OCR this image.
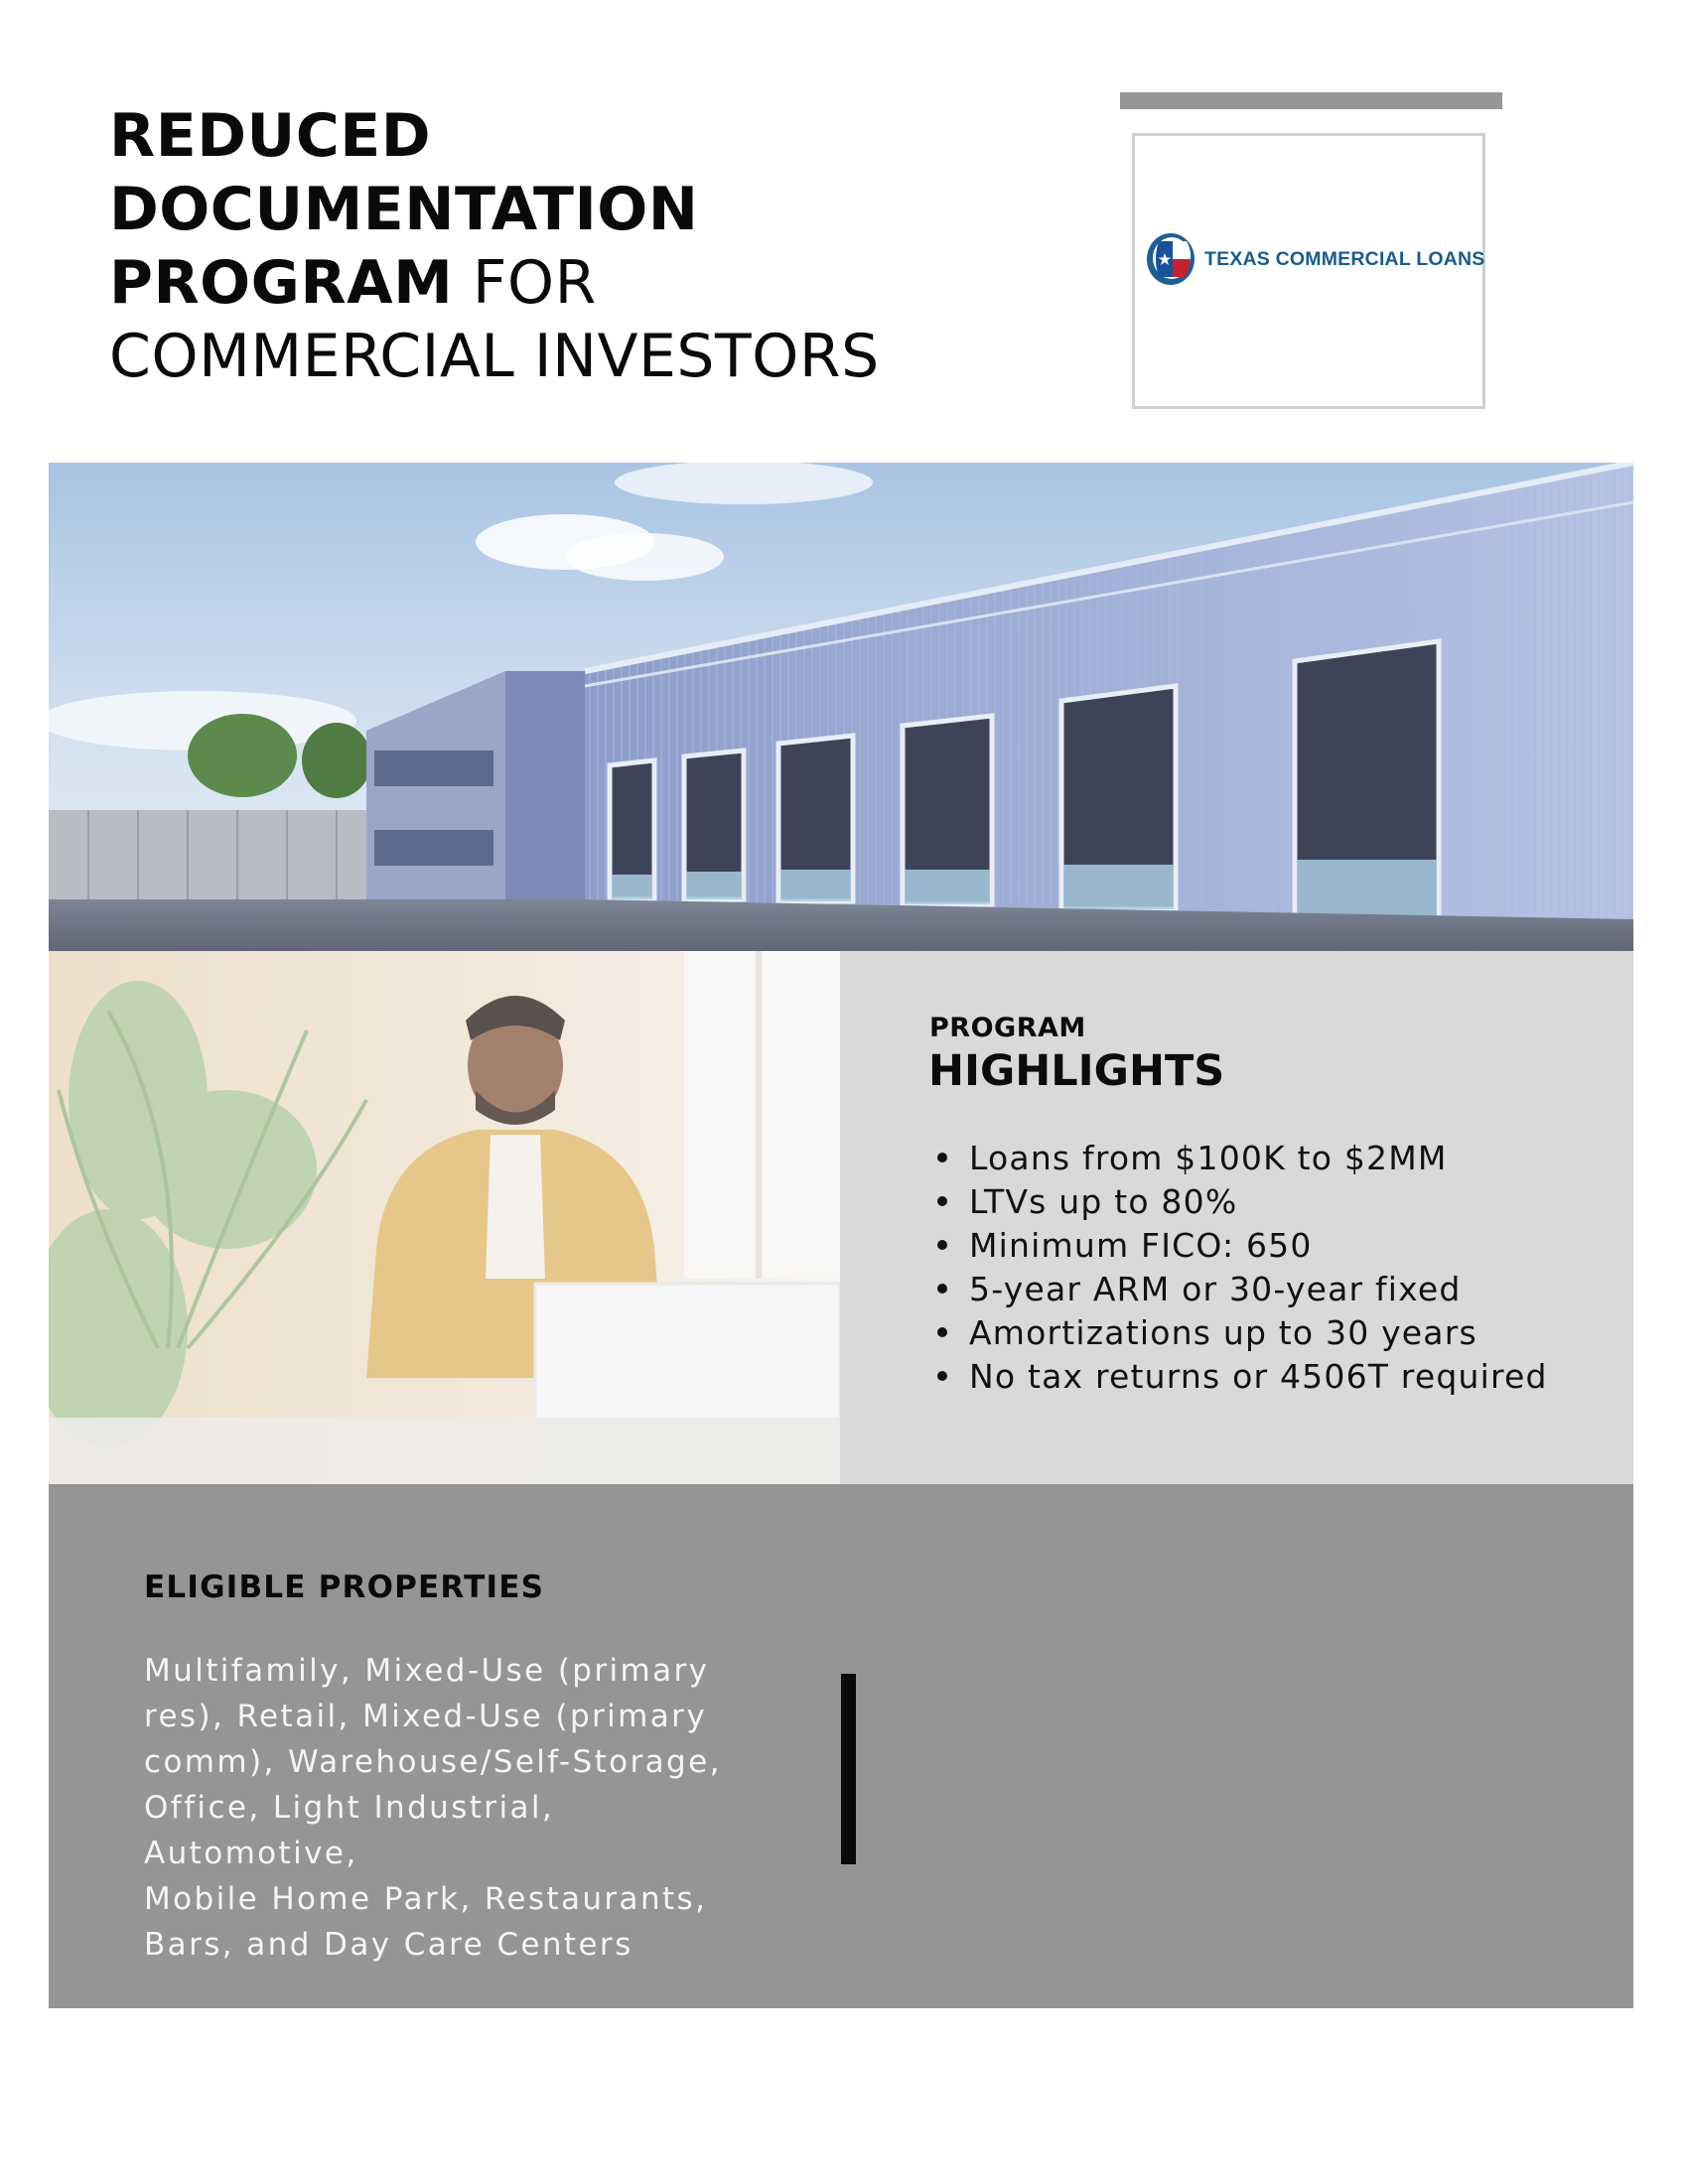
REDUCED
DOCUMENTATION
PROGRAM FOR
COMMERCIAL INVESTORS
TEXAS COMMERCIAL LOANS
PROGRAM
HIGHLIGHTS
Loans from $100K to $2MM
LTVs up to 80%
Minimum FICO: 650
5-year ARM or 30-year fixed
Amortizations up to 30 years
No tax returns or 4506T required
ELIGIBLE PROPERTIES
Multifamily, Mixed-Use (primary
res), Retail, Mixed-Use (primary
comm), Warehouse/Self-Storage,
Office, Light Industrial, Automotive,
Mobile Home Park, Restaurants,
Bars, and Day Care Centers
